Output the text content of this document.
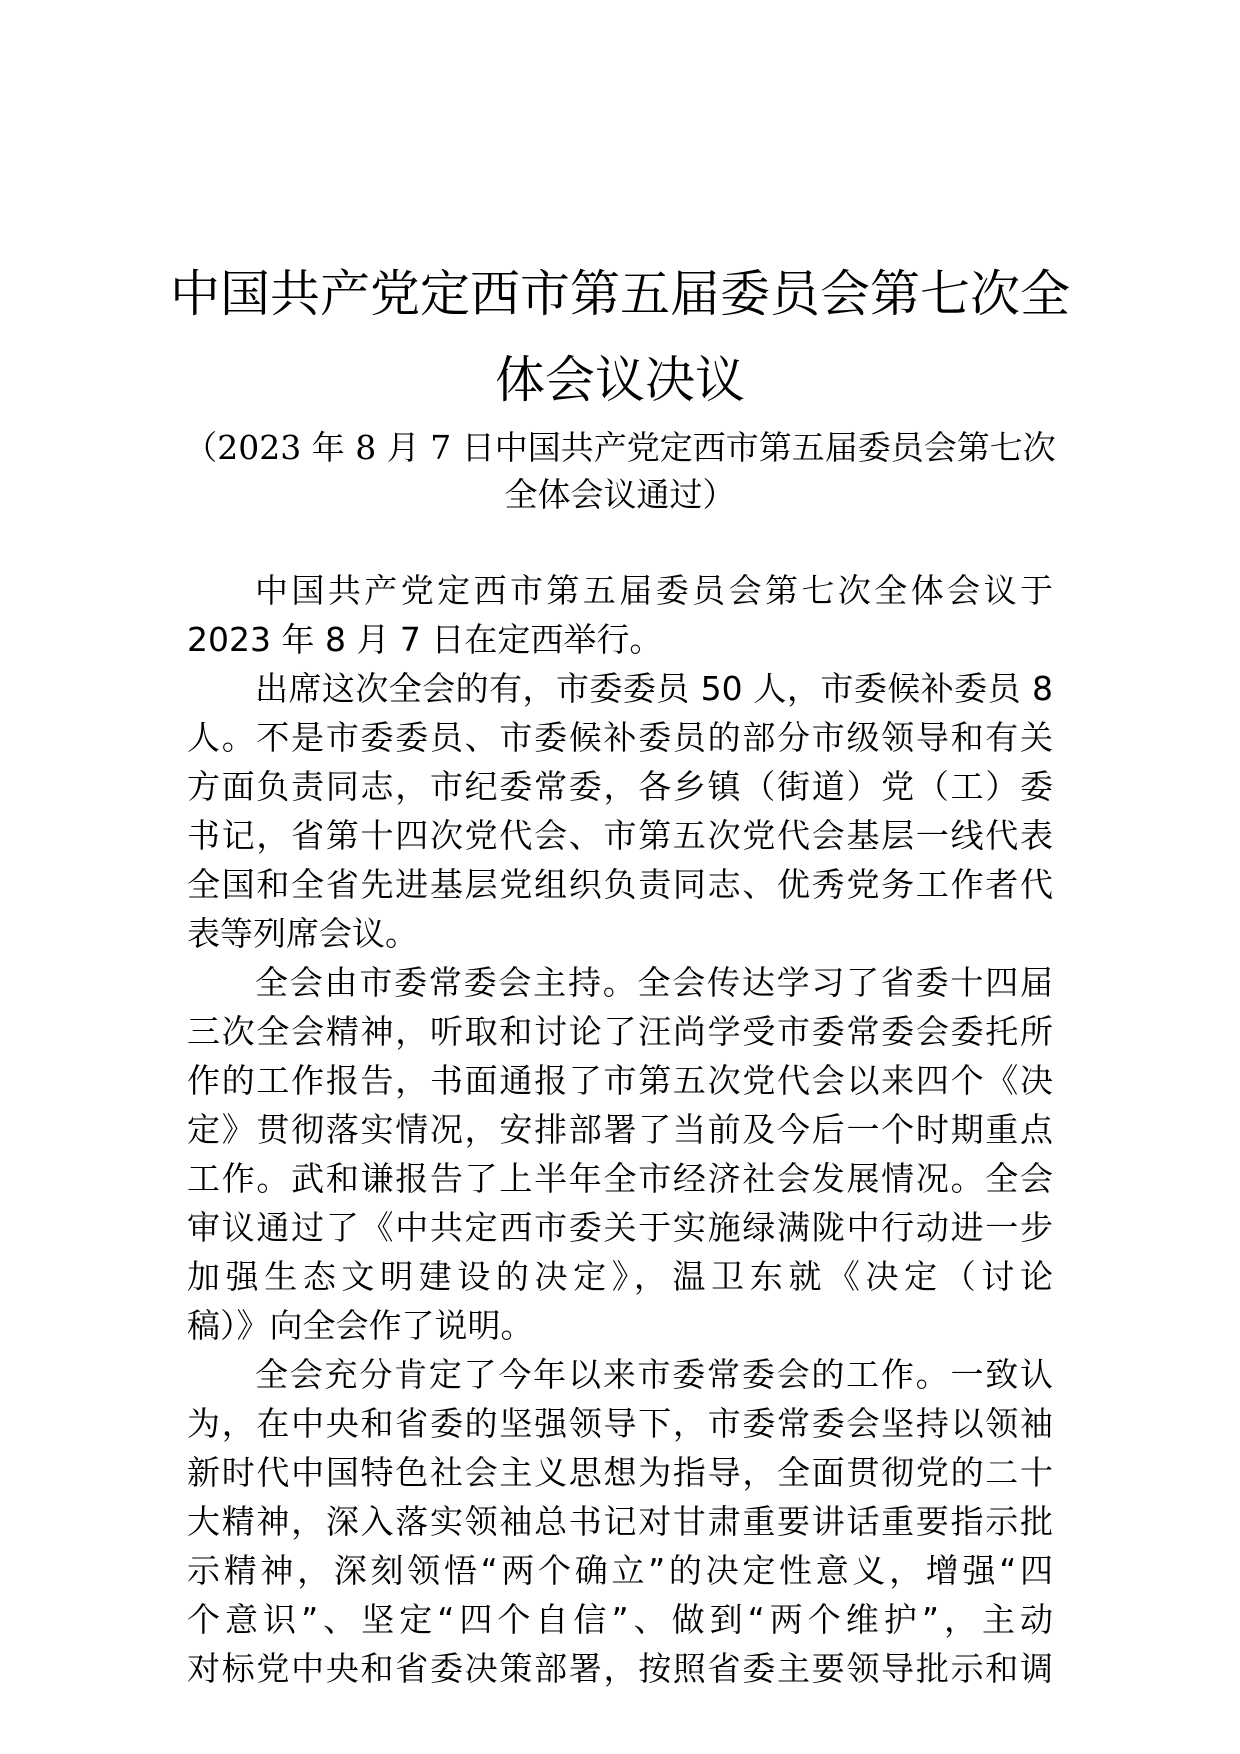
中国共产党定西市第五届委员会第七次全
体会议决议
（2023 年 8 月 7 日中国共产党定西市第五届委员会第七次
全体会议通过）
中国共产党定西市第五届委员会第七次全体会议于
2023 年 8 月 7 日在定西举行。
出席这次全会的有，市委委员 50 人，市委候补委员 8
人。不是市委委员、市委候补委员的部分市级领导和有关
方面负责同志，市纪委常委，各乡镇（街道）党（工）委
书记，省第十四次党代会、市第五次党代会基层一线代表
全国和全省先进基层党组织负责同志、优秀党务工作者代
表等列席会议。
全会由市委常委会主持。全会传达学习了省委十四届
三次全会精神，听取和讨论了汪尚学受市委常委会委托所
作的工作报告，书面通报了市第五次党代会以来四个《决
定》贯彻落实情况，安排部署了当前及今后一个时期重点
工作。武和谦报告了上半年全市经济社会发展情况。全会
审议通过了《中共定西市委关于实施绿满陇中行动进一步
加强生态文明建设的决定》，温卫东就《决定（讨论
稿）》向全会作了说明。
全会充分肯定了今年以来市委常委会的工作。一致认
为，在中央和省委的坚强领导下，市委常委会坚持以领袖
新时代中国特色社会主义思想为指导，全面贯彻党的二十
大精神，深入落实领袖总书记对甘肃重要讲话重要指示批
示精神，深刻领悟“两个确立”的决定性意义，增强“四
个意识”、坚定“四个自信”、做到“两个维护”，主动
对标党中央和省委决策部署，按照省委主要领导批示和调
